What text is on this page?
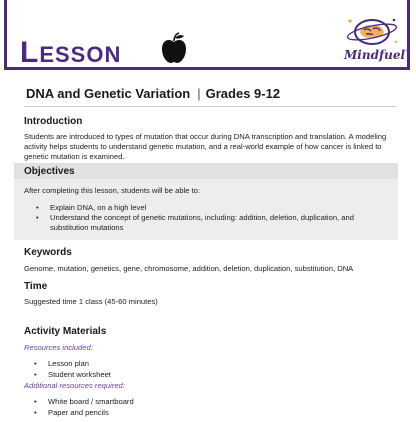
LESSON	Mindfuel™
DNA and Genetic Variation | Grades 9-12
Introduction
Students are introduced to types of mutation that occur during DNA transcription and translation. A modeling activity helps students to understand genetic mutation, and a real-world example of how cancer is linked to genetic mutation is examined.
Objectives
After completing this lesson, students will be able to:
• Explain DNA, on a high level
• Understand the concept of genetic mutations, including: addition, deletion, duplication, and substitution mutations
Keywords
Genome, mutation, genetics, gene, chromosome, addition, deletion, duplication, substitution, DNA
Time
Suggested time 1 class (45-60 minutes)
Activity Materials
Resources included:
• Lesson plan
• Student worksheet
Additional resources required:
• White board / smartboard
• Paper and pencils
